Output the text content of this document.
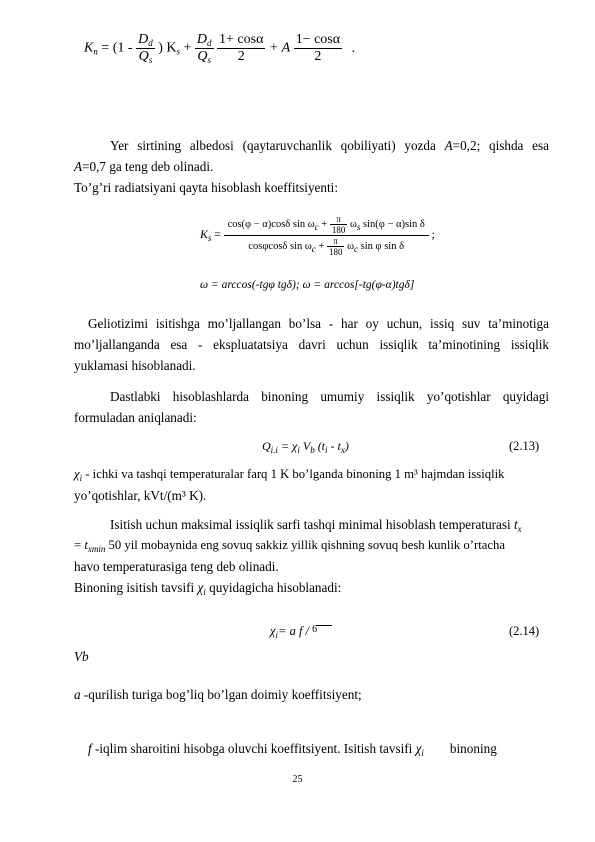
$K_n = (1 - \frac{D_d}{Q_s}$ ) $K_s + \frac{D_d}{Q_s}$
$\frac{1+ \cos\alpha}{2} + A \frac{1- \cos\alpha}{2}$ .
Yer sirtining albedosi (qaytaruvchanlik qobiliyati) yozda A=0,2; qishda esa
A=0,7 ga teng deb olinadi.
To’g’ri radiatsiyani qayta hisoblash koeffitsiyenti:
Ks =
cos(φ − α)cosδ $\sin \omega c + \frac{\pi}{180}$ ωs sin(φ − α)sin δ
cosφcosδ $\sin \omega c + \frac{\pi}{180}$ ωc sin φ sin δ
;
ω = arccos(-tgφ tgδ); ω = arccos[-tg(φ-α)tgδ]
Geliotizimi isitishga mo’ljallangan bo’lsa - har oy uchun, issiq suv ta’minotiga
mo’ljallanganda esa - ekspluatatsiya davri uchun issiqlik ta’minotining issiqlik
yuklamasi hisoblanadi.
Dastlabki hisoblashlarda binoning umumiy issiqlik yo’qotishlar quyidagi
formuladan aniqlanadi:
$Q_{i.i} = \chi_i$ $V_b$ $(t_i - t_x)$	(2.13)
$\chi_i$ - ichki va tashqi temperaturalar farq 1 K bo’lganda binoning 1 m³ hajmdan issiqlik
yo’qotishlar, kVt/(m³ K).
Isitish uchun maksimal issiqlik sarfi tashqi minimal hisoblash temperaturasi $t_x$
= $t_{xmin}$ 50 yil mobaynida eng sovuq sakkiz yillik qishning sovuq besh kunlik o’rtacha
havo temperaturasiga teng deb olinadi.
Binoning isitish tavsifi $\chi_i$ quyidagicha hisoblanadi:
$\chi_i= a$ f / $^6$	(2.14)
Vb
a -qurilish turiga bog’liq bo’lgan doimiy koeffitsiyent;
f -iqlim sharoitini hisobga oluvchi koeffitsiyent. Isitish tavsifi $\chi_i$ binoning
25
